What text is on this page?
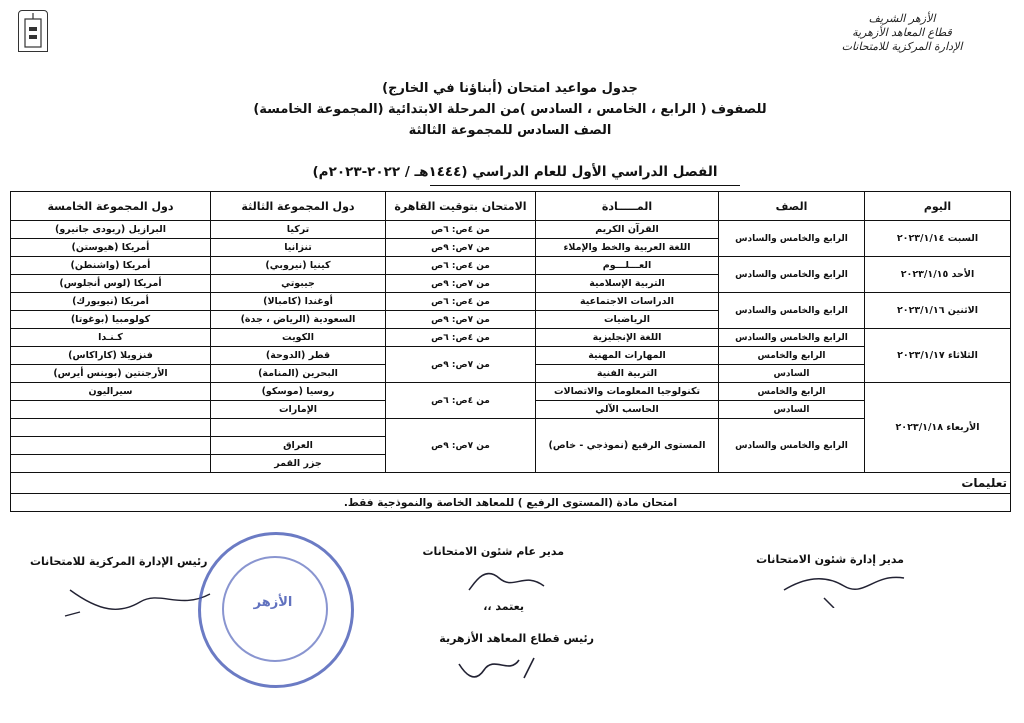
الأزهر الشريف
قطاع المعاهد الأزهرية
الإدارة المركزية للامتحانات
جدول مواعيد امتحان (أبناؤنا في الخارج)
للصفوف ( الرابع ، الخامس ، السادس )من المرحلة الابتدائية (المجموعة الخامسة)
الصف السادس للمجموعة الثالثة
الفصل الدراسي الأول للعام الدراسي (١٤٤٤هـ / ٢٠٢٢-٢٠٢٣م)
اليوم	الصف	المـــــادة	الامتحان بتوقيت القاهرة	دول المجموعة الثالثة	دول المجموعة الخامسة
السبت ٢٠٢٣/١/١٤	الرابع والخامس والسادس	القرآن الكريم	من ٤ص: ٦ص	تركيا	البرازيل (ريودى جانيرو)
		اللغة العربية والخط والإملاء	من ٧ص: ٩ص	تنزانيا	أمريكا (هيوستن)
الأحد ٢٠٢٣/١/١٥	الرابع والخامس والسادس	العـــلـــوم	من ٤ص: ٦ص	كينيا (نيروبي)	أمريكا (واشنطن)
		التربية الإسلامية	من ٧ص: ٩ص	جيبوتي	أمريكا (لوس أنجلوس)
الاثنين ٢٠٢٣/١/١٦	الرابع والخامس والسادس	الدراسات الاجتماعية	من ٤ص: ٦ص	أوغندا (كامبالا)	أمريكا (نيويورك)
		الرياضيات	من ٧ص: ٩ص	السعودية (الرياض ، جدة)	كولومبيا (بوغوتا)
الثلاثاء ٢٠٢٣/١/١٧	الرابع والخامس والسادس	اللغة الإنجليزية	من ٤ص: ٦ص	الكويت	كـنـدا
	الرابع والخامس	المهارات المهنية	من ٧ص: ٩ص	قطر (الدوحة)	فنزويلا (كاراكاس)
	السادس	التربية الفنية		البحرين (المنامة)	الأرجنتين (بوينس أيرس)
الأربعاء ٢٠٢٣/١/١٨	الرابع والخامس	تكنولوجيا المعلومات والاتصالات	من ٤ص: ٦ص	روسيا (موسكو)	سيراليون
	السادس	الحاسب الآلي		الإمارات	
	الرابع والخامس والسادس	المستوى الرفيع (نموذجي - خاص)	من ٧ص: ٩ص		
				العراق	
				جزر القمر	
تعليمات					
امتحان مادة (المستوى الرفيع ) للمعاهد الخاصة والنموذجية فقط.					
مدير إدارة شئون الامتحانات
مدير عام شئون الامتحانات
رئيس الإدارة المركزية للامتحانات
يعتمد ،،
رئيس قطاع المعاهد الأزهرية
الأزهر
